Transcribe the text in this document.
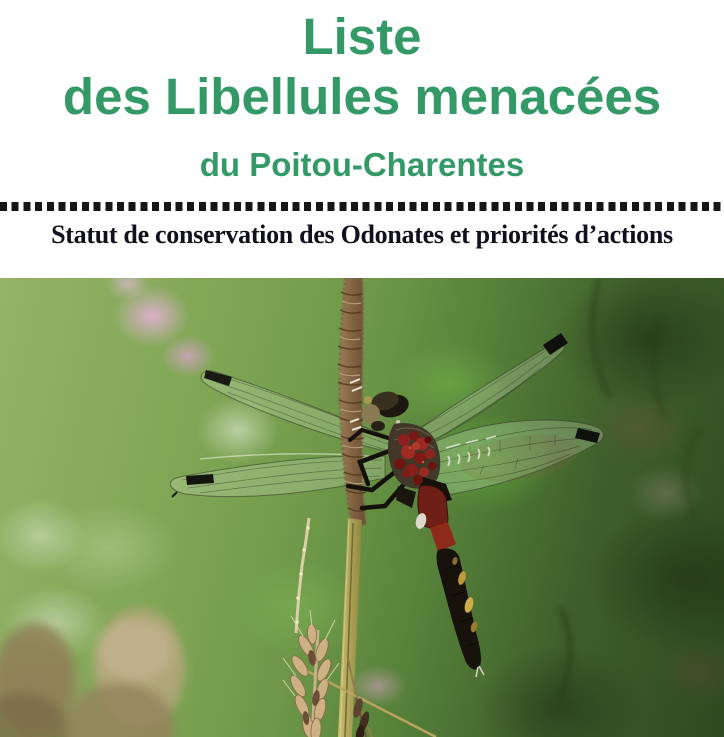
Liste
des Libellules menacées
du Poitou-Charentes
Statut de conservation des Odonates et priorités d’actions
